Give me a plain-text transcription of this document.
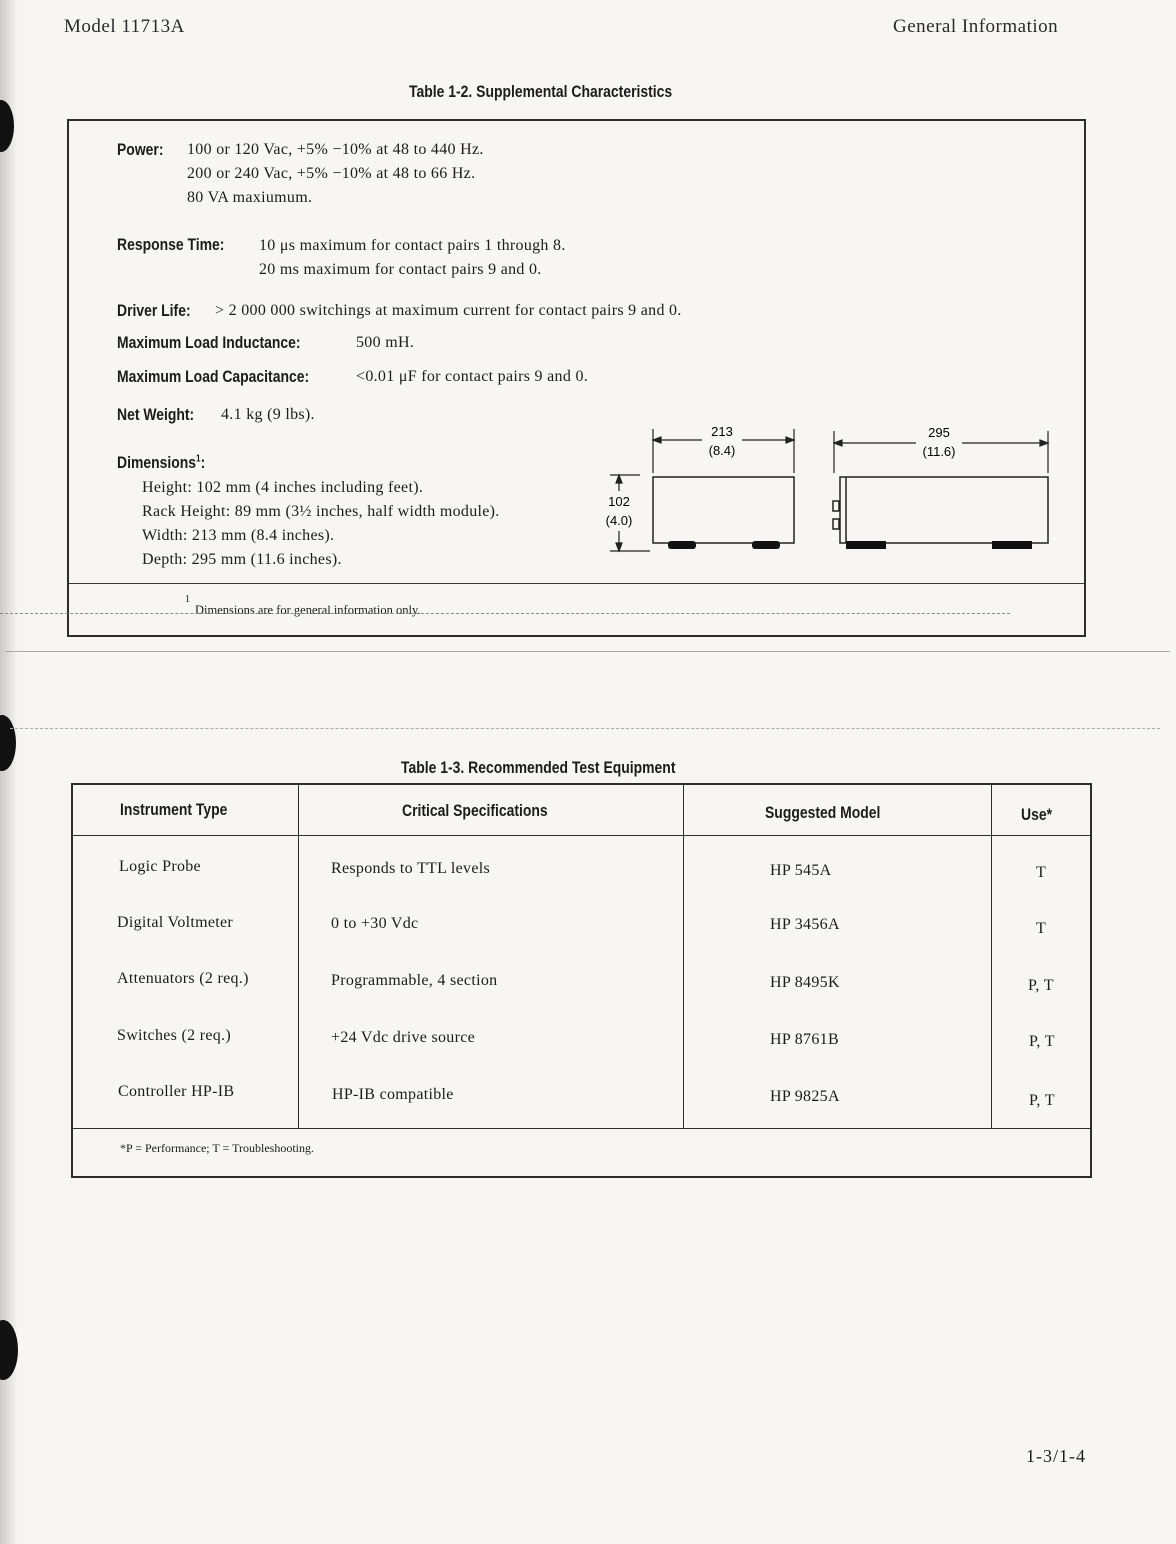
Model 11713A	General Information
Table 1-2. Supplemental Characteristics
Power: 100 or 120 Vac, +5% −10% at 48 to 440 Hz.
200 or 240 Vac, +5% −10% at 48 to 66 Hz.
80 VA maxiumum.
Response Time: 10 μs maximum for contact pairs 1 through 8.
20 ms maximum for contact pairs 9 and 0.
Driver Life: > 2 000 000 switchings at maximum current for contact pairs 9 and 0.
Maximum Load Inductance:	500 mH.
Maximum Load Capacitance:	<0.01 μF for contact pairs 9 and 0.
Net Weight: 4.1 kg (9 lbs).
Dimensions$^1$:
Height: 102 mm (4 inches including feet).
Rack Height: 89 mm (3½ inches, half width module).
Width: 213 mm (8.4 inches).
Depth: 295 mm (11.6 inches).
213
(8.4)
102
(4.0)
295
(11.6)
1
Dimensions are for general information only.
Table 1-3. Recommended Test Equipment
Instrument Type	Critical Specifications	Suggested Model	Use*
Logic Probe	Responds to TTL levels	HP 545A	T
Digital Voltmeter	0 to +30 Vdc	HP 3456A	T
Attenuators (2 req.)	Programmable, 4 section	HP 8495K	P, T
Switches (2 req.)	+24 Vdc drive source	HP 8761B	P, T
Controller HP-IB	HP-IB compatible	HP 9825A	P, T
*P = Performance; T = Troubleshooting.
1-3/1-4
